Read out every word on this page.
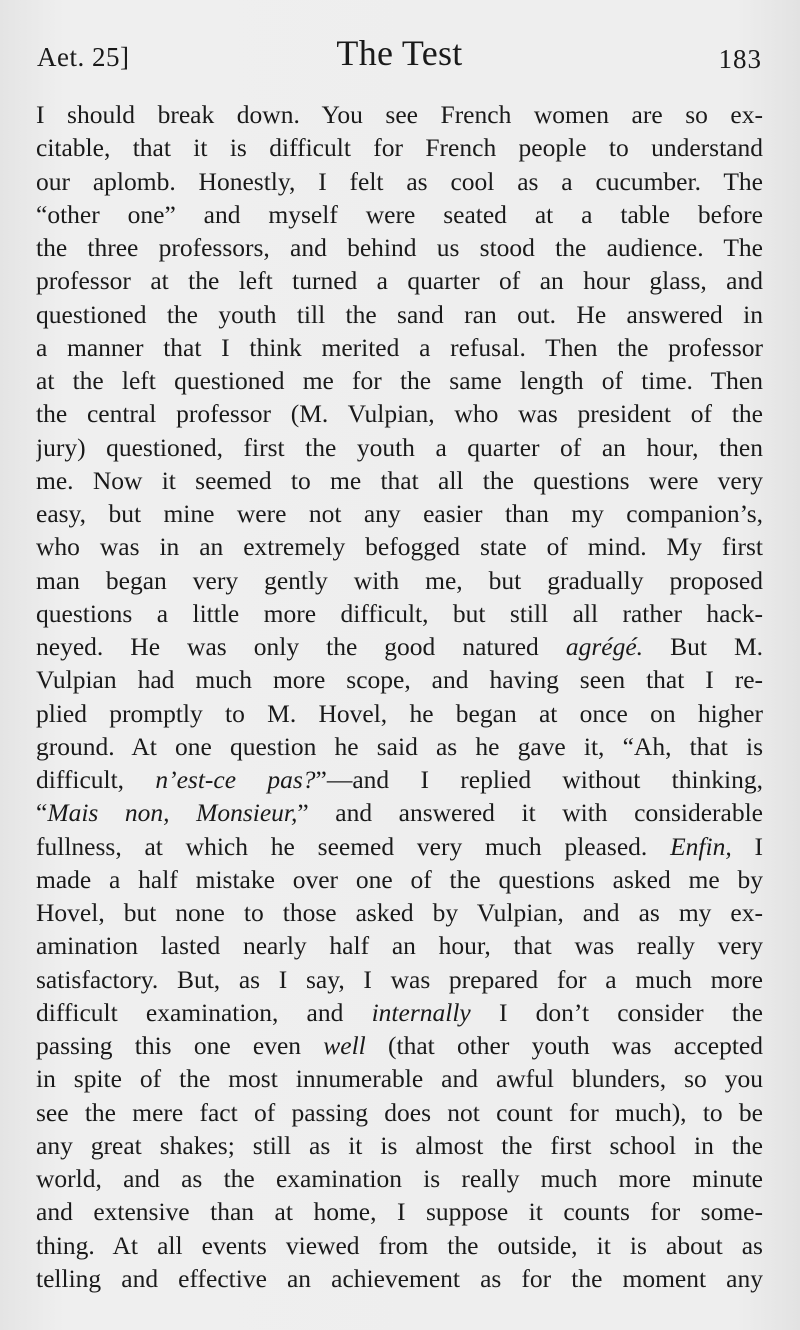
Aet. 25]	The Test	183
I should break down. You see French women are so ex-
citable, that it is difficult for French people to understand
our aplomb. Honestly, I felt as cool as a cucumber. The
“other one” and myself were seated at a table before
the three professors, and behind us stood the audience. The
professor at the left turned a quarter of an hour glass, and
questioned the youth till the sand ran out. He answered in
a manner that I think merited a refusal. Then the professor
at the left questioned me for the same length of time. Then
the central professor (M. Vulpian, who was president of the
jury) questioned, first the youth a quarter of an hour, then
me. Now it seemed to me that all the questions were very
easy, but mine were not any easier than my companion’s,
who was in an extremely befogged state of mind. My first
man began very gently with me, but gradually proposed
questions a little more difficult, but still all rather hack-
neyed. He was only the good natured agrégé. But M.
Vulpian had much more scope, and having seen that I re-
plied promptly to M. Hovel, he began at once on higher
ground. At one question he said as he gave it, “Ah, that is
difficult, n’est-ce pas?”—and I replied without thinking,
“Mais non, Monsieur,” and answered it with considerable
fullness, at which he seemed very much pleased. Enfin, I
made a half mistake over one of the questions asked me by
Hovel, but none to those asked by Vulpian, and as my ex-
amination lasted nearly half an hour, that was really very
satisfactory. But, as I say, I was prepared for a much more
difficult examination, and internally I don’t consider the
passing this one even well (that other youth was accepted
in spite of the most innumerable and awful blunders, so you
see the mere fact of passing does not count for much), to be
any great shakes; still as it is almost the first school in the
world, and as the examination is really much more minute
and extensive than at home, I suppose it counts for some-
thing. At all events viewed from the outside, it is about as
telling and effective an achievement as for the moment any
